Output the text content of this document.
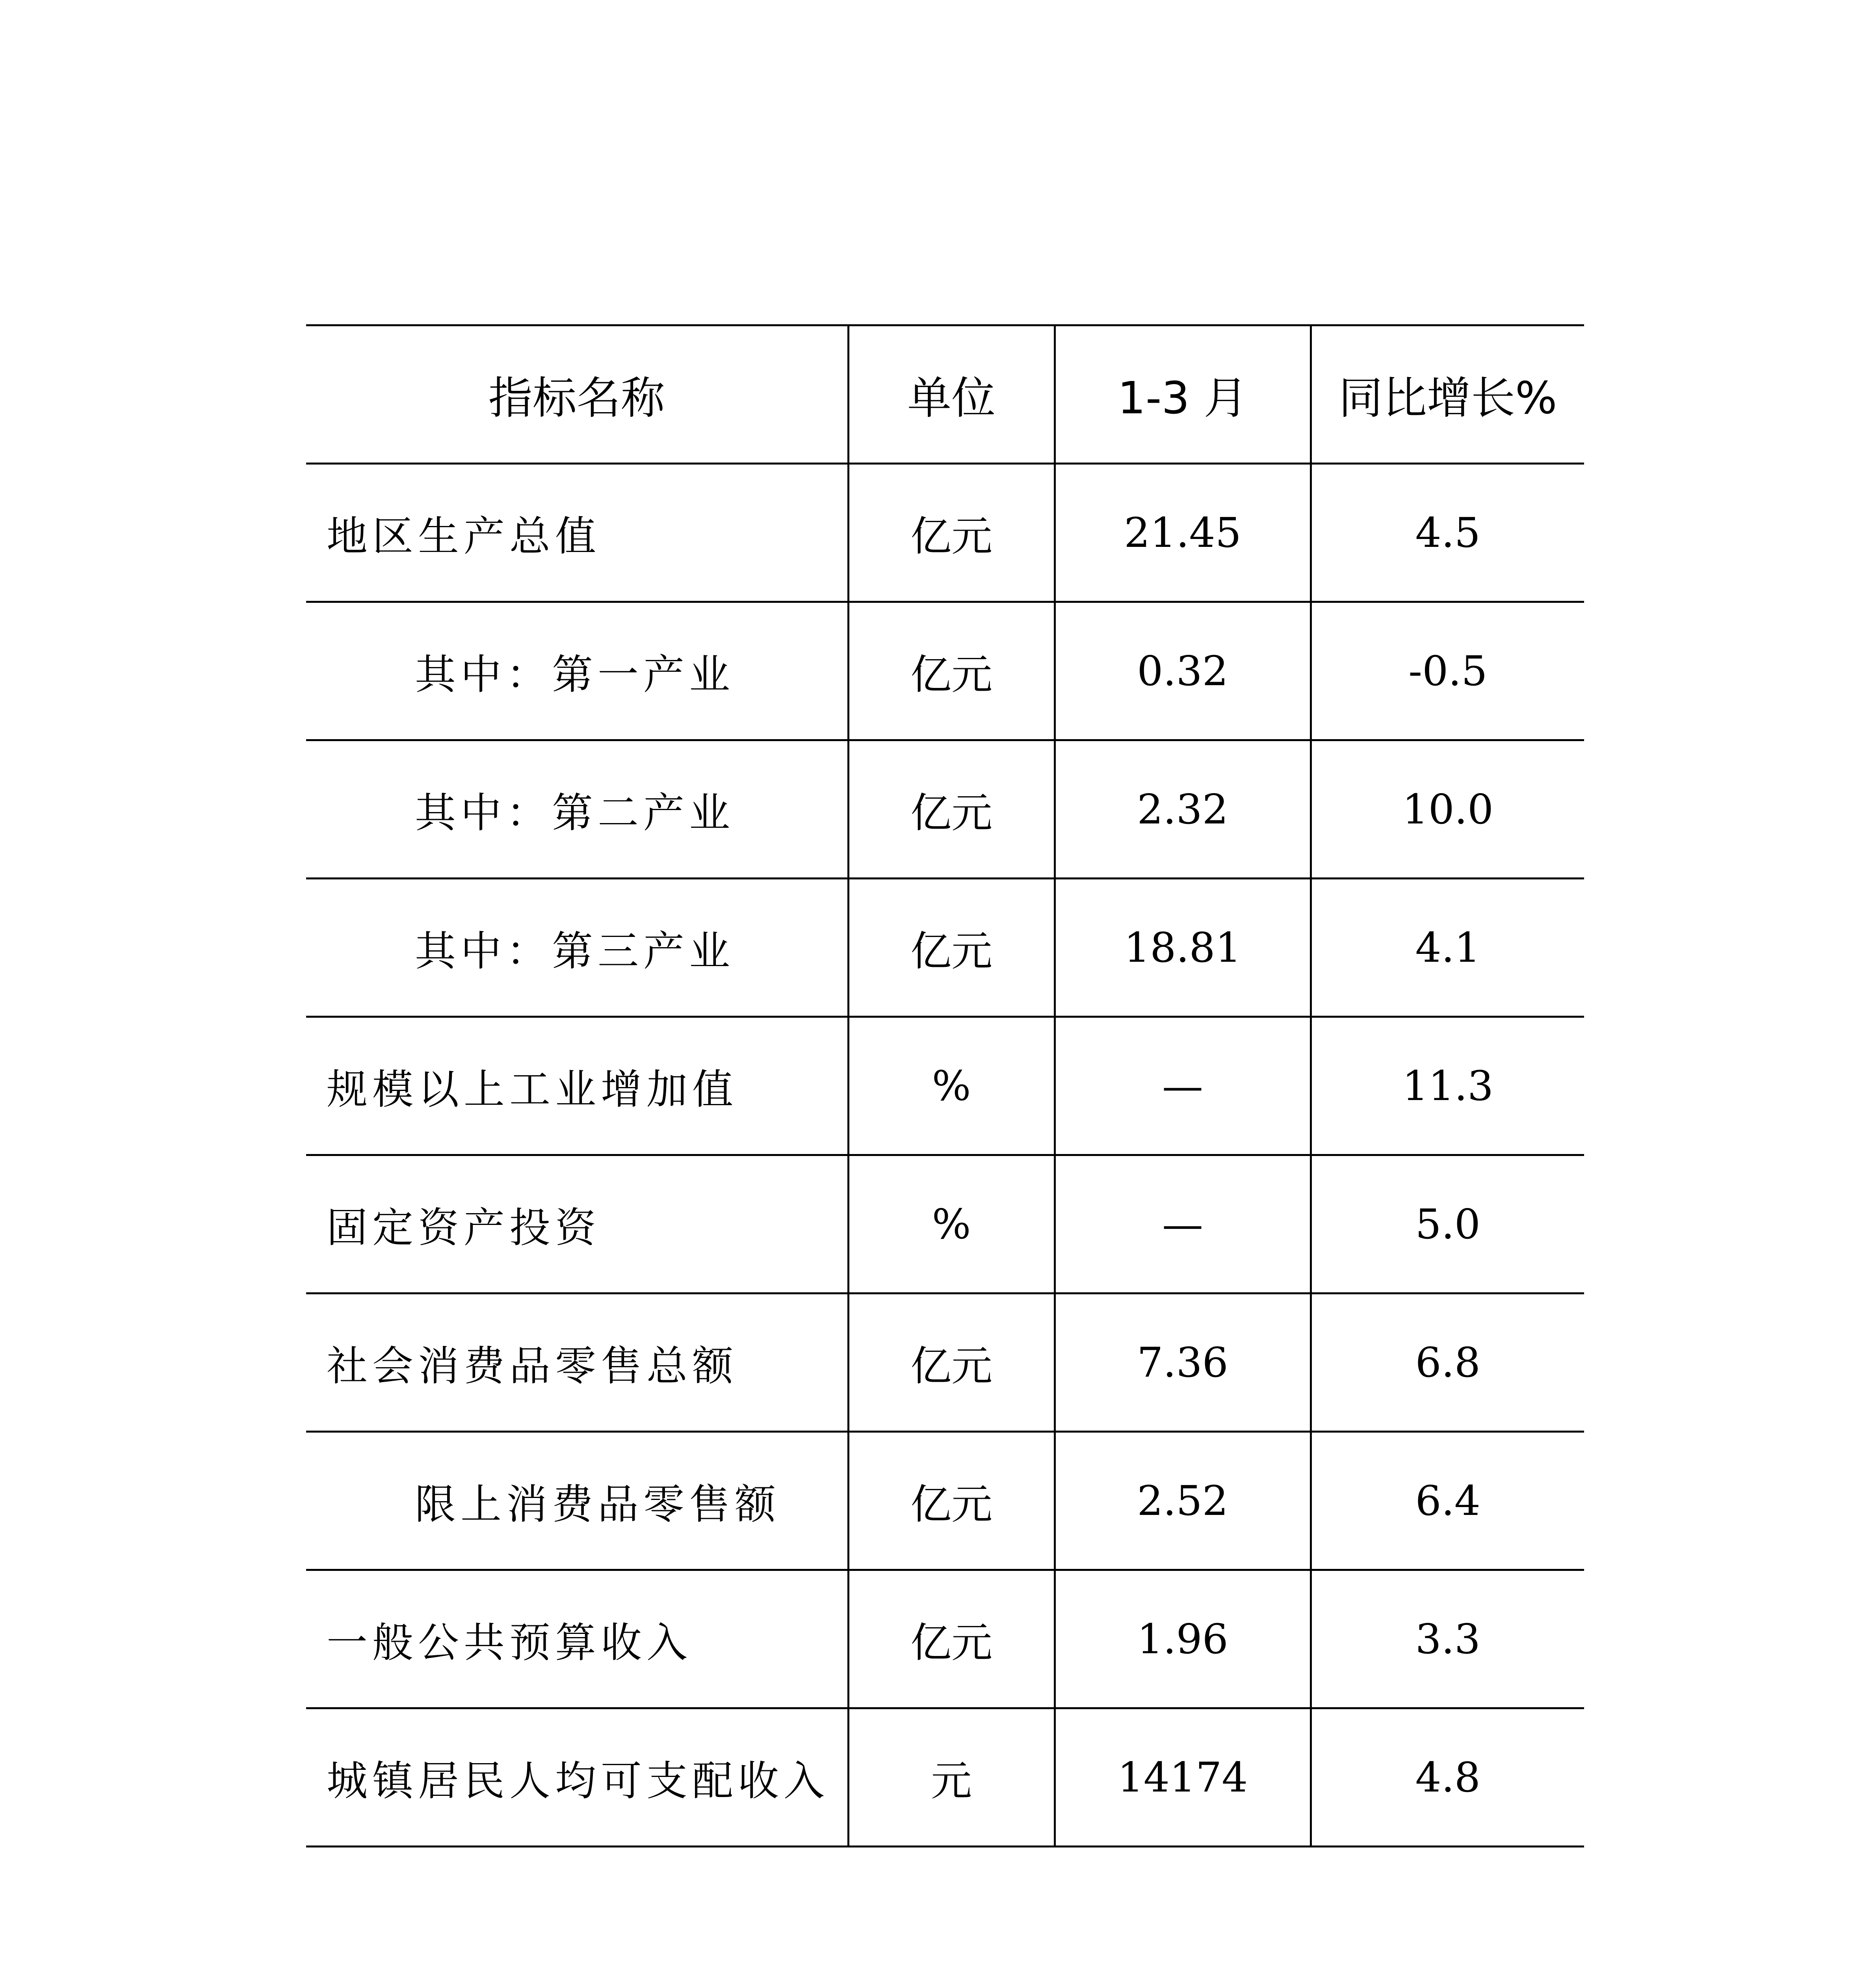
指标名称	单位	1-3 月	同比增长%
地区生产总值	亿元	21.45	4.5
其中：第一产业	亿元	0.32	-0.5
其中：第二产业	亿元	2.32	10.0
其中：第三产业	亿元	18.81	4.1
规模以上工业增加值	%	—	11.3
固定资产投资	%	—	5.0
社会消费品零售总额	亿元	7.36	6.8
限上消费品零售额	亿元	2.52	6.4
一般公共预算收入	亿元	1.96	3.3
城镇居民人均可支配收入	元	14174	4.8
